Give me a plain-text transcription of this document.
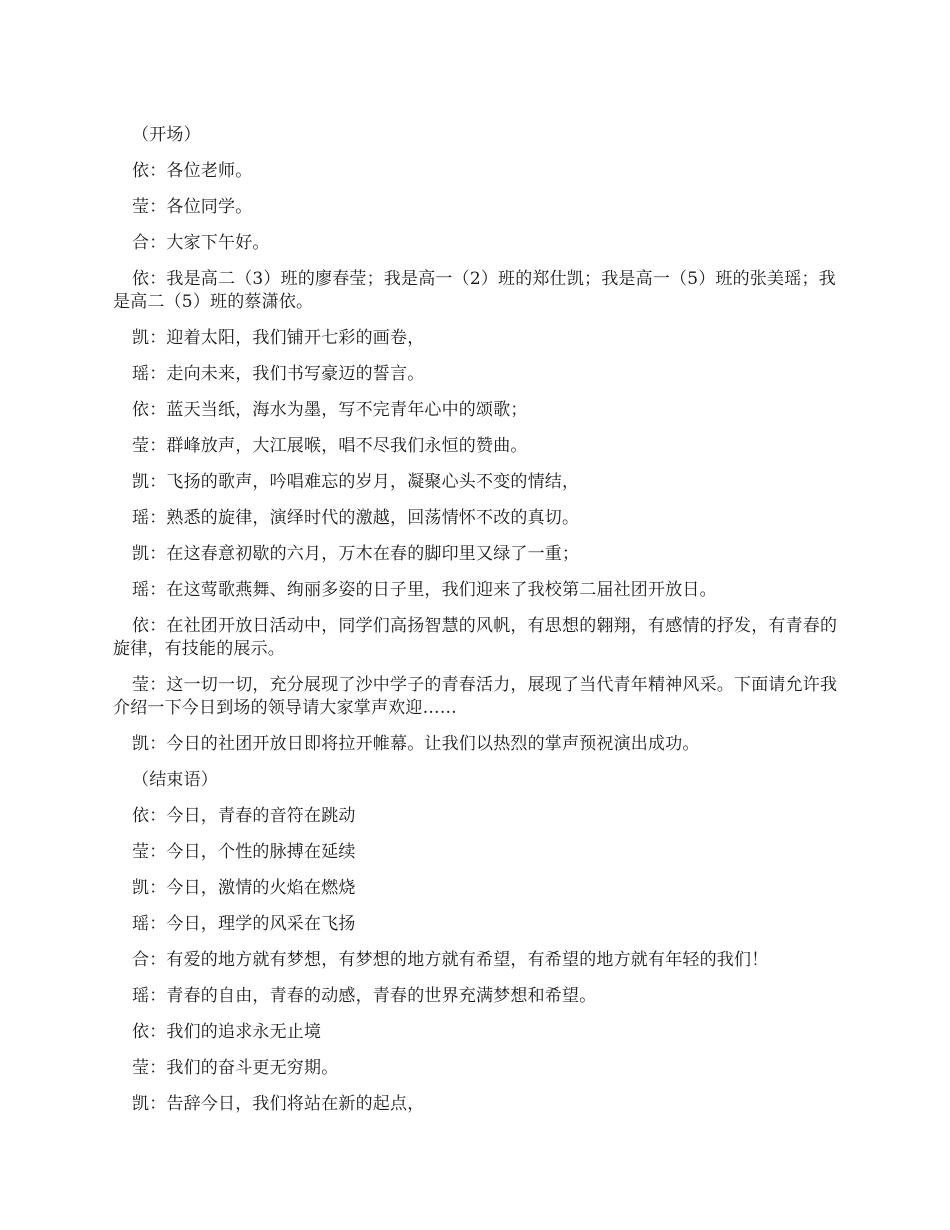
（开场）

依：各位老师。

莹：各位同学。

合：大家下午好。

依：我是高二（3）班的廖春莹；我是高一（2）班的郑仕凯；我是高一（5）班的张美瑶；我是高二（5）班的蔡潇依。

凯：迎着太阳，我们铺开七彩的画卷，

瑶：走向未来，我们书写豪迈的誓言。

依：蓝天当纸，海水为墨，写不完青年心中的颂歌；

莹：群峰放声，大江展喉，唱不尽我们永恒的赞曲。

凯：飞扬的歌声，吟唱难忘的岁月，凝聚心头不变的情结，

瑶：熟悉的旋律，演绎时代的激越，回荡情怀不改的真切。

凯：在这春意初歇的六月，万木在春的脚印里又绿了一重；

瑶：在这莺歌燕舞、绚丽多姿的日子里，我们迎来了我校第二届社团开放日。

依：在社团开放日活动中，同学们高扬智慧的风帆，有思想的翱翔，有感情的抒发，有青春的旋律，有技能的展示。

莹：这一切一切，充分展现了沙中学子的青春活力，展现了当代青年精神风采。下面请允许我介绍一下今日到场的领导请大家掌声欢迎……

凯：今日的社团开放日即将拉开帷幕。让我们以热烈的掌声预祝演出成功。

（结束语）

依：今日，青春的音符在跳动

莹：今日，个性的脉搏在延续

凯：今日，激情的火焰在燃烧

瑶：今日，理学的风采在飞扬

合：有爱的地方就有梦想，有梦想的地方就有希望，有希望的地方就有年轻的我们！

瑶：青春的自由，青春的动感，青春的世界充满梦想和希望。

依：我们的追求永无止境

莹：我们的奋斗更无穷期。

凯：告辞今日，我们将站在新的起点，
